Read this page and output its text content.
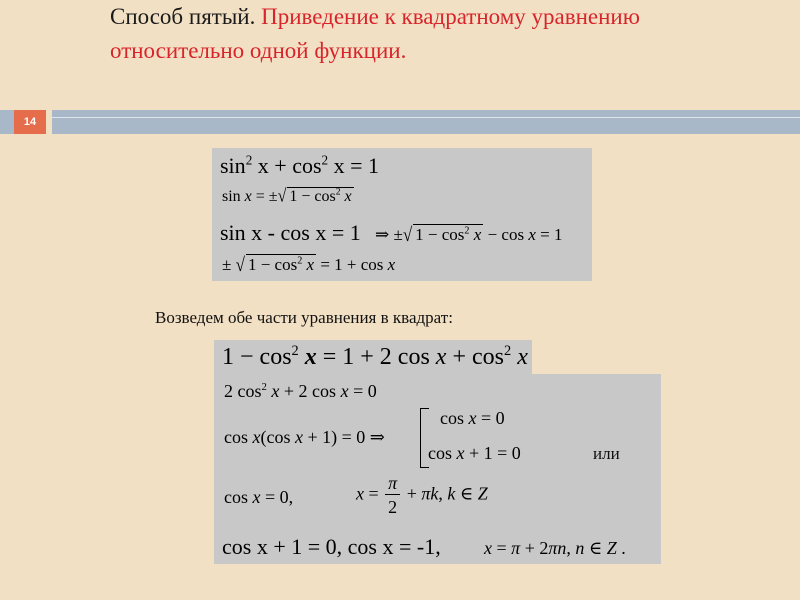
Способ пятый. Приведение к квадратному уравнению относительно одной функции.
14
$\sin^2 x + \cos^2 x = 1$
sin x = ±√ $1 - \cos^2 x$
sin x - cos x = 1 ⇒ ±√ $1 - \cos^2 x - \cos x = 1$
± √ $1 - \cos^2 x = 1 + \cos x$
Возведем обе части уравнения в квадрат:
$1 - \cos^2 x = 1 + 2$ $\cos x + \cos^2 x$
2 $\cos^2 x + 2$ cos x = 0
cos x(cos x + 1) = 0 ⇒
cos x = 0
cos x + 1 = 0	или
cos x = 0,	$x = \frac{\pi}{2} + \pi k$, k ∈ Z
cos x + 1 = 0, cos x = -1, x = π + 2πn, n ∈ Z .
